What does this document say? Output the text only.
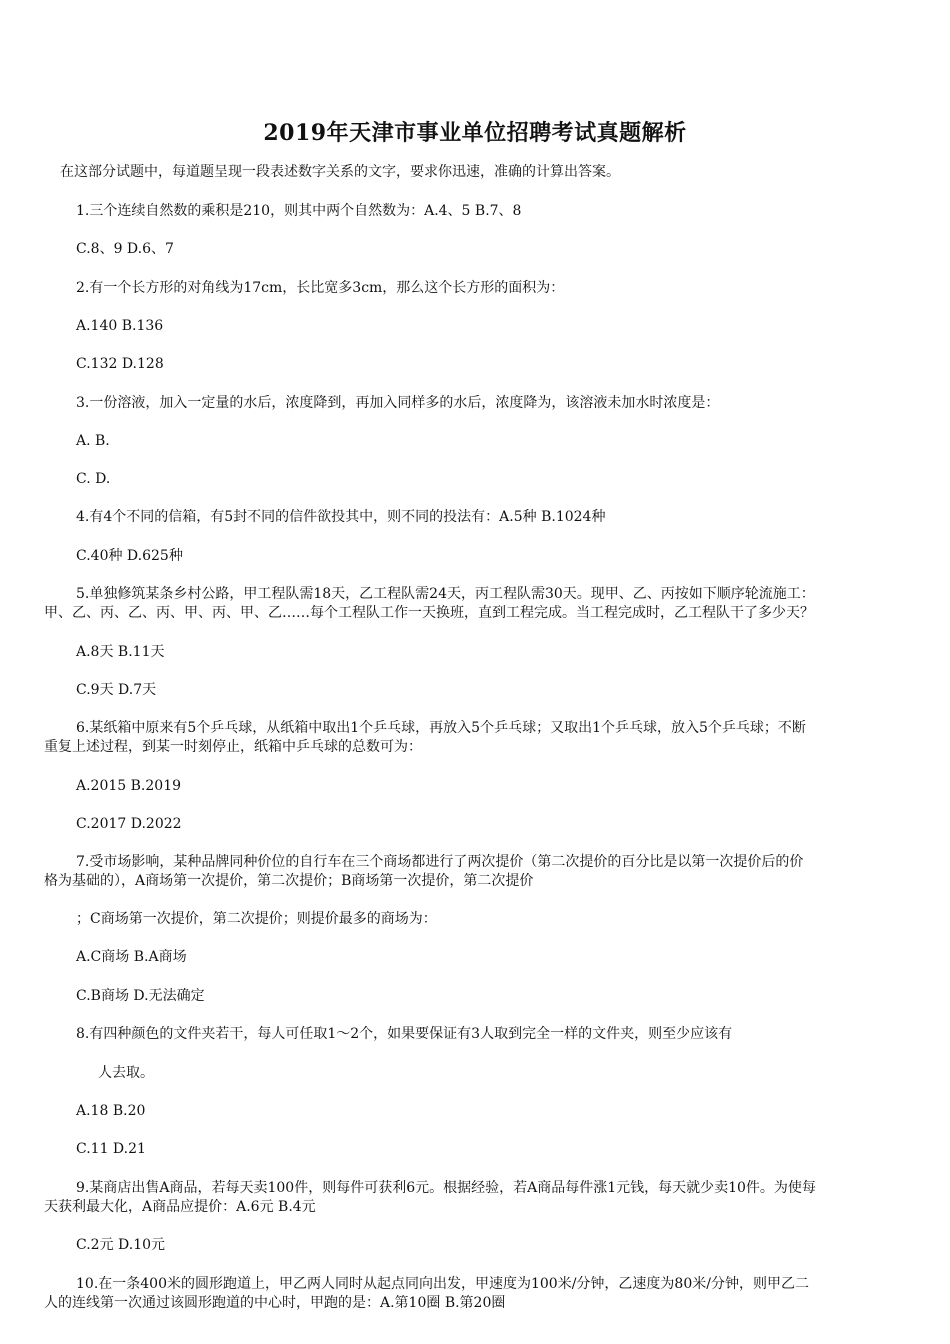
2019年天津市事业单位招聘考试真题解析
在这部分试题中，每道题呈现一段表述数字关系的文字，要求你迅速，准确的计算出答案。
1.三个连续自然数的乘积是210，则其中两个自然数为：A.4、5 B.7、8
C.8、9 D.6、7
2.有一个长方形的对角线为17cm，长比宽多3cm，那么这个长方形的面积为：
A.140 B.136
C.132 D.128
3.一份溶液，加入一定量的水后，浓度降到，再加入同样多的水后，浓度降为，该溶液未加水时浓度是：
A. B.
C. D.
4.有4个不同的信箱，有5封不同的信件欲投其中，则不同的投法有：A.5种 B.1024种
C.40种 D.625种
5.单独修筑某条乡村公路，甲工程队需18天，乙工程队需24天，丙工程队需30天。现甲、乙、丙按如下顺序轮流施工：
甲、乙、丙、乙、丙、甲、丙、甲、乙……每个工程队工作一天换班，直到工程完成。当工程完成时，乙工程队干了多少天？
A.8天 B.11天
C.9天 D.7天
6.某纸箱中原来有5个乒乓球，从纸箱中取出1个乒乓球，再放入5个乒乓球；又取出1个乒乓球，放入5个乒乓球；不断
重复上述过程，到某一时刻停止，纸箱中乒乓球的总数可为：
A.2015 B.2019
C.2017 D.2022
7.受市场影响，某种品牌同种价位的自行车在三个商场都进行了两次提价（第二次提价的百分比是以第一次提价后的价
格为基础的），A商场第一次提价，第二次提价；B商场第一次提价，第二次提价
；C商场第一次提价，第二次提价；则提价最多的商场为：
A.C商场 B.A商场
C.B商场 D.无法确定
8.有四种颜色的文件夹若干，每人可任取1～2个，如果要保证有3人取到完全一样的文件夹，则至少应该有
人去取。
A.18 B.20
C.11 D.21
9.某商店出售A商品，若每天卖100件，则每件可获利6元。根据经验，若A商品每件涨1元钱，每天就少卖10件。为使每
天获利最大化，A商品应提价：A.6元 B.4元
C.2元 D.10元
10.在一条400米的圆形跑道上，甲乙两人同时从起点同向出发，甲速度为100米/分钟，乙速度为80米/分钟，则甲乙二
人的连线第一次通过该圆形跑道的中心时，甲跑的是：A.第10圈 B.第20圈
